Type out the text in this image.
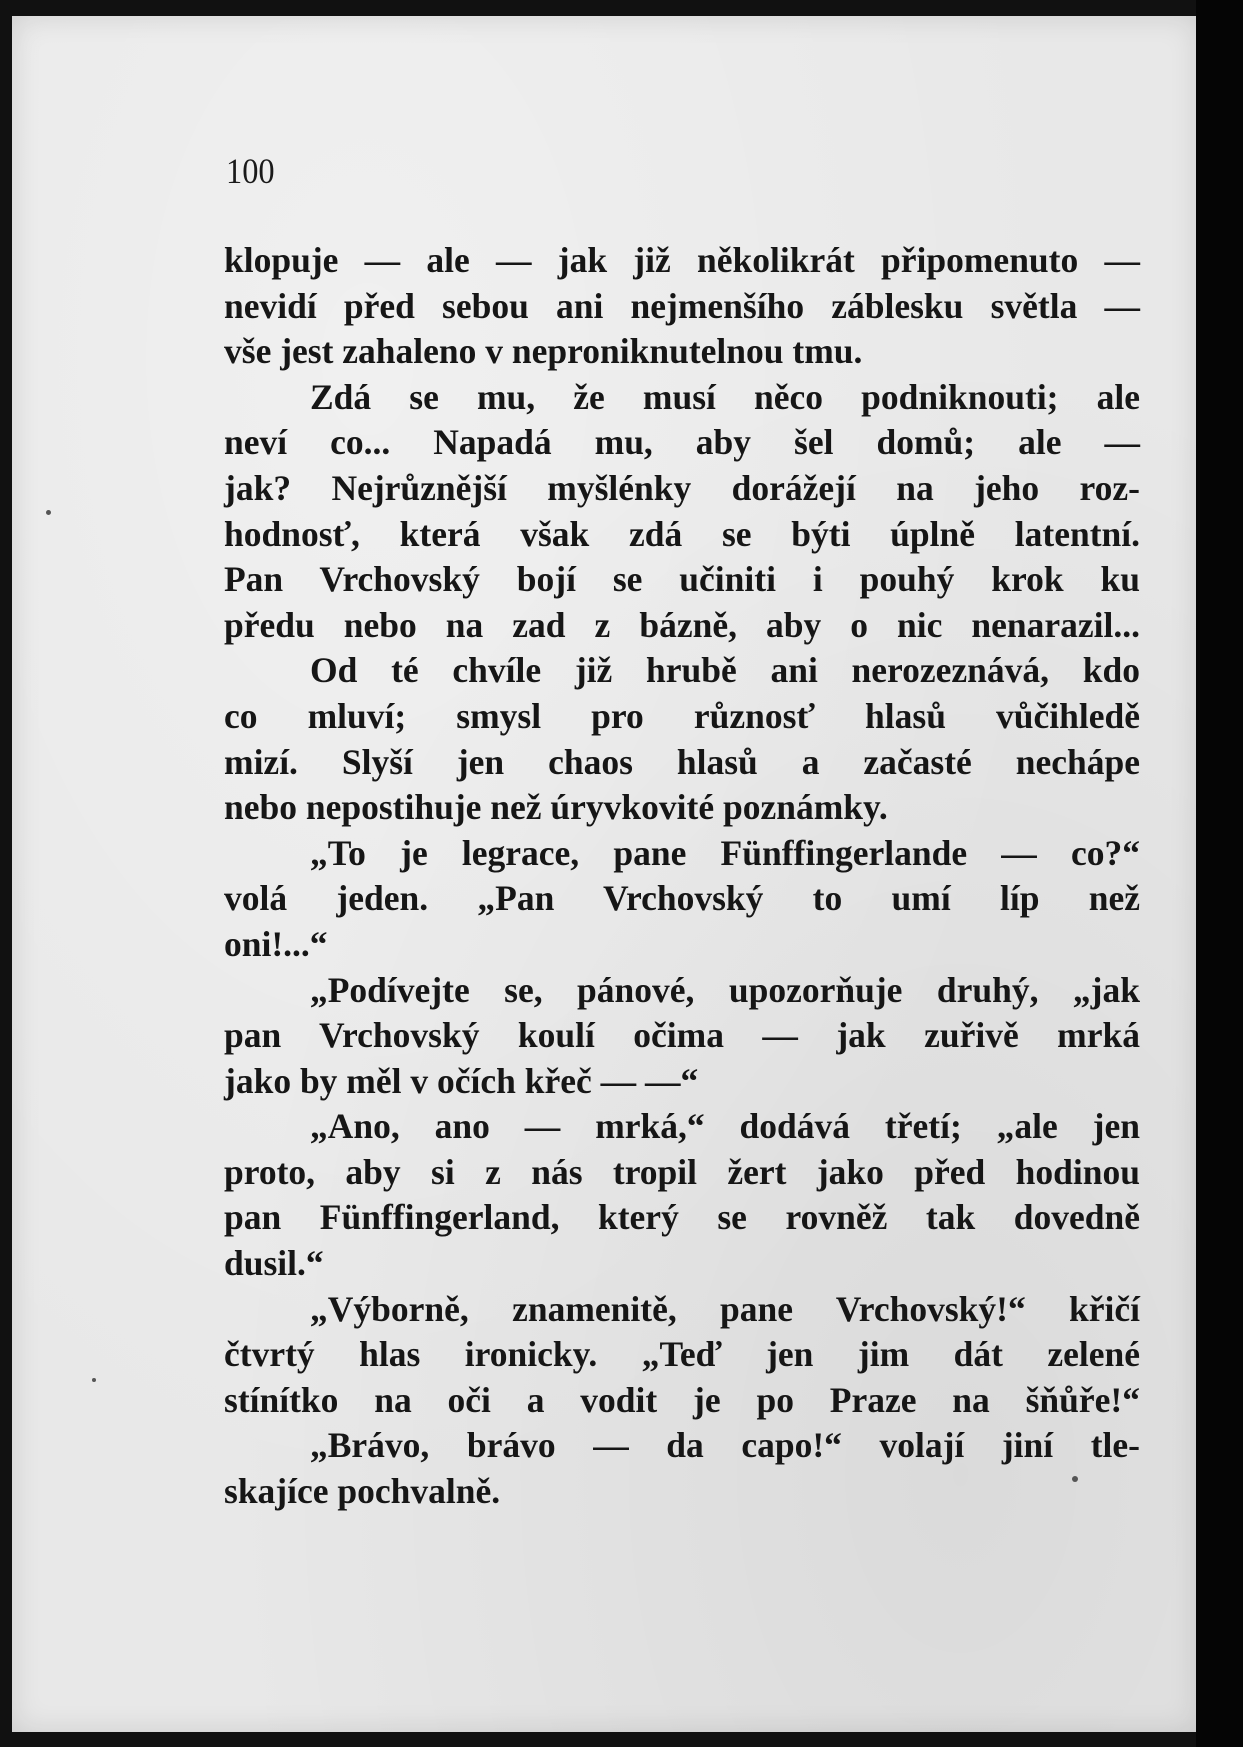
100
klopuje — ale — jak již několikrát připomenuto —
nevidí před sebou ani nejmenšího záblesku světla —
vše jest zahaleno v neproniknutelnou tmu.
Zdá se mu, že musí něco podniknouti; ale
neví co... Napadá mu, aby šel domů; ale —
jak? Nejrůznější myšlénky dorážejí na jeho roz-
hodnosť, která však zdá se býti úplně latentní.
Pan Vrchovský bojí se učiniti i pouhý krok ku
předu nebo na zad z bázně, aby o nic nenarazil...
Od té chvíle již hrubě ani nerozeznává, kdo
co mluví; smysl pro různosť hlasů vůčihledě
mizí. Slyší jen chaos hlasů a začasté nechápe
nebo nepostihuje než úryvkovité poznámky.
„To je legrace, pane Fünffingerlande — co?“
volá jeden. „Pan Vrchovský to umí líp než
oni!...“
„Podívejte se, pánové, upozorňuje druhý, „jak
pan Vrchovský koulí očima — jak zuřivě mrká
jako by měl v očích křeč — —“
„Ano, ano — mrká,“ dodává třetí; „ale jen
proto, aby si z nás tropil žert jako před hodinou
pan Fünffingerland, který se rovněž tak dovedně
dusil.“
„Výborně, znamenitě, pane Vrchovský!“ křičí
čtvrtý hlas ironicky. „Teď jen jim dát zelené
stínítko na oči a vodit je po Praze na šňůře!“
„Brávo, brávo — da capo!“ volají jiní tle-
skajíce pochvalně.
